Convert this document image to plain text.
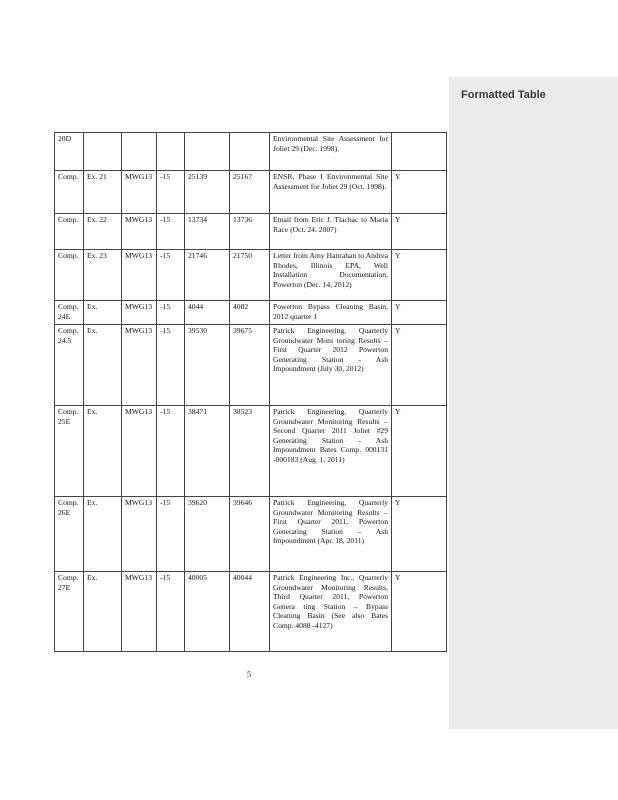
Formatted Table
20D						Environmental Site Assessment for Joliet 29 (Dec. 1998).	
Comp.	Ex. 21	MWG13	-15	25139	25167	ENSR, Phase I Environmental Site Assessment for Joliet 29 (Oct. 1998).	Y
Comp.	Ex. 22	MWG13	-15	13734	13736	Email from Eric J. Tlachac to Maria Race (Oct. 24. 2007)	Y
Comp.	Ex. 23	MWG13	-15	21746	21750	Letter from Amy Hanrahan to Andrea Rhodes, Illinois EPA, Well Installation Documentation, Powerton (Dec. 14, 2012)	Y
Comp. 24E	Ex.	MWG13	-15	4044	4082	Powerton Bypass Cleaning Basin, 2012 quarter 1	Y
Comp. 24.5	Ex.	MWG13	-15	39530	39675	Patrick Engineering, Quarterly Groundwater Moni toring Results – First Quarter 2012 Powerton Generating Station - Ash Impoundment (July 30, 2012)	Y
Comp. 25E	Ex.	MWG13	-15	38471	38523	Patrick Engineering, Quarterly Groundwater Monitoring Results – Second Quarter 2011 Joliet #29 Generating Station - Ash Impoundment Bates Comp. 000131 -000183 (Aug. 1, 2011)	Y
Comp. 26E	Ex.	MWG13	-15	39620	39646	Patrick Engineering, Quarterly Groundwater Monitoring Results – First Quarter 2011, Powerton Generating Station – Ash Impoundment (Apr. 18, 2011)	Y
Comp. 27E	Ex.	MWG13	-15	40005	40044	Patrick Engineering Inc., Quarterly Groundwater Monitoring Results, Third Quarter 2011, Powerton Genera ting Station – Bypass Cleaning Basin (See also Bates Comp. 4088 -4127)	Y
5
